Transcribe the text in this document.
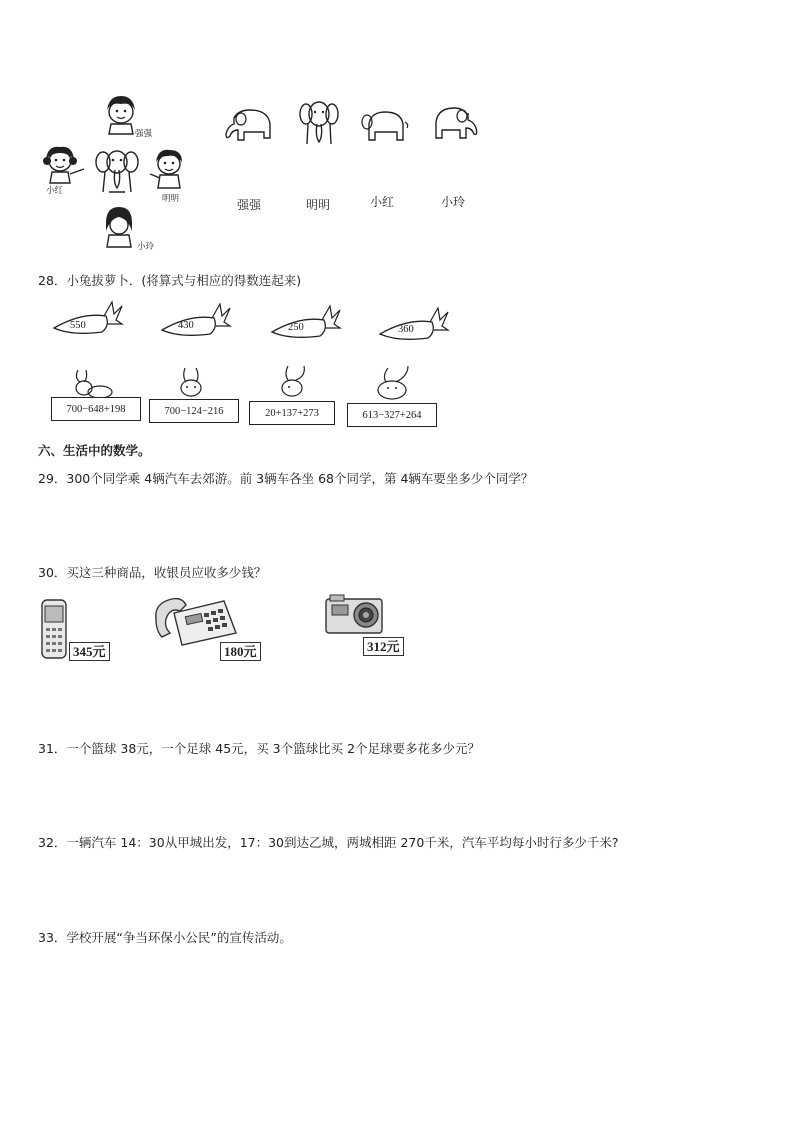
强强
小红
明明
小玲
强强	明明	小红	小玲
28．小兔拔萝卜．(将算式与相应的得数连起来)
550	430	250	360
700−648+198	700−124−216	20+137+273	613−327+264
六、生活中的数学。
29．300个同学乘 4辆汽车去郊游。前 3辆车各坐 68个同学，第 4辆车要坐多少个同学？
30．买这三种商品，收银员应收多少钱？
345元	180元	312元
31．一个篮球 38元，一个足球 45元，买 3个篮球比买 2个足球要多花多少元？
32．一辆汽车 14：30从甲城出发，17：30到达乙城，两城相距 270千米，汽车平均每小时行多少千米?
33．学校开展“争当环保小公民”的宣传活动。
